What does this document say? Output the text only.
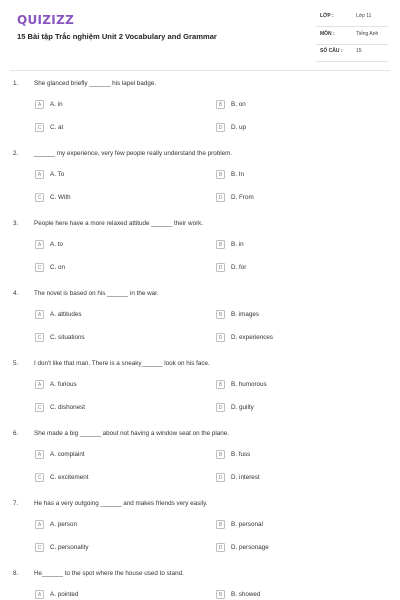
QUIZIZZ
15 Bài tập Trắc nghiệm Unit 2 Vocabulary and Grammar
LỚP :	Lớp 11
MÔN :	Tiếng Anh
SỐ CÂU :	15
1. She glanced briefly ______ his lapel badge.
A	A. in	B	B. on
C	C. at	D	D. up
2. ______ my experience, very few people really understand the problem.
A	A. To	B	B. In
C	C. With	D	D. From
3. People here have a more relaxed attitude ______ their work.
A	A. to	B	B. in
C	C. on	D	D. for
4. The novel is based on his ______ in the war.
A	A. attitudes	B	B. images
C	C. situations	D	D. experiences
5. I don't like that man. There is a sneaky______ look on his face.
A	A. furious	B	B. humorous
C	C. dishonest	D	D. guilty
6. She made a big ______ about not having a window seat on the plane.
A	A. complaint	B	B. fuss
C	C. excitement	D	D. interest
7. He has a very outgoing ______ and makes friends very easily.
A	A. person	B	B. personal
C	C. personality	D	D. personage
8. He______ to the spot where the house used to stand.
A	A. pointed	B	B. showed
